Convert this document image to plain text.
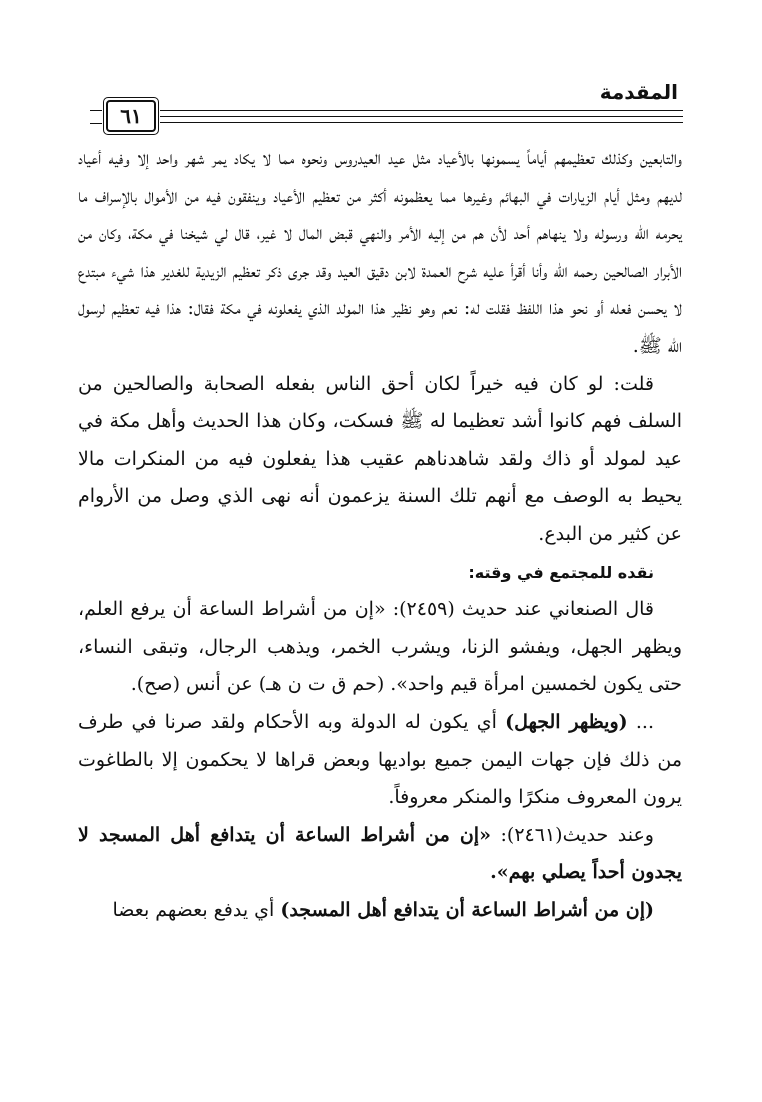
المقدمة
٦١

والتابعين وكذلك تعظيمهم أياماً يسمونها بالأعياد مثل عيد العيدروس ونحوه مما لا يكاد يمر شهر واحد إلا وفيه أعياد لديهم ومثل أيام الزيارات في البهائم وغيرها مما يعظمونه أكثر من تعظيم الأعياد وينفقون فيه من الأموال بالإسراف ما يحرمه الله ورسوله ولا ينهاهم أحد لأن هم من إليه الأمر والنهي قبض المال لا غير، قال لي شيخنا في مكة، وكان من الأبرار الصالحين رحمه الله وأنا أقرأ عليه شرح العمدة لابن دقيق العيد وقد جرى ذكر تعظيم الزيدية للغدير هذا شيء مبتدع لا يحسن فعله أو نحو هذا اللفظ فقلت له: نعم وهو نظير هذا المولد الذي يفعلونه في مكة فقال: هذا فيه تعظيم لرسول الله ﷺ.

قلت: لو كان فيه خيراً لكان أحق الناس بفعله الصحابة والصالحين من السلف فهم كانوا أشد تعظيما له ﷺ فسكت، وكان هذا الحديث وأهل مكة في عيد لمولد أو ذاك ولقد شاهدناهم عقيب هذا يفعلون فيه من المنكرات مالا يحيط به الوصف مع أنهم تلك السنة يزعمون أنه نهى الذي وصل من الأروام عن كثير من البدع.

نقده للمجتمع في وقته:

قال الصنعاني عند حديث (٢٤٥٩): «إن من أشراط الساعة أن يرفع العلم، ويظهر الجهل، ويفشو الزنا، ويشرب الخمر، ويذهب الرجال، وتبقى النساء، حتى يكون لخمسين امرأة قيم واحد». (حم ق ت ن هـ) عن أنس (صح).

... (ويظهر الجهل) أي يكون له الدولة وبه الأحكام ولقد صرنا في طرف من ذلك فإن جهات اليمن جميع بواديها وبعض قراها لا يحكمون إلا بالطاغوت يرون المعروف منكرًا والمنكر معروفاً.

وعند حديث(٢٤٦١): «إن من أشراط الساعة أن يتدافع أهل المسجد لا يجدون أحداً يصلي بهم».

(إن من أشراط الساعة أن يتدافع أهل المسجد) أي يدفع بعضهم بعضا
